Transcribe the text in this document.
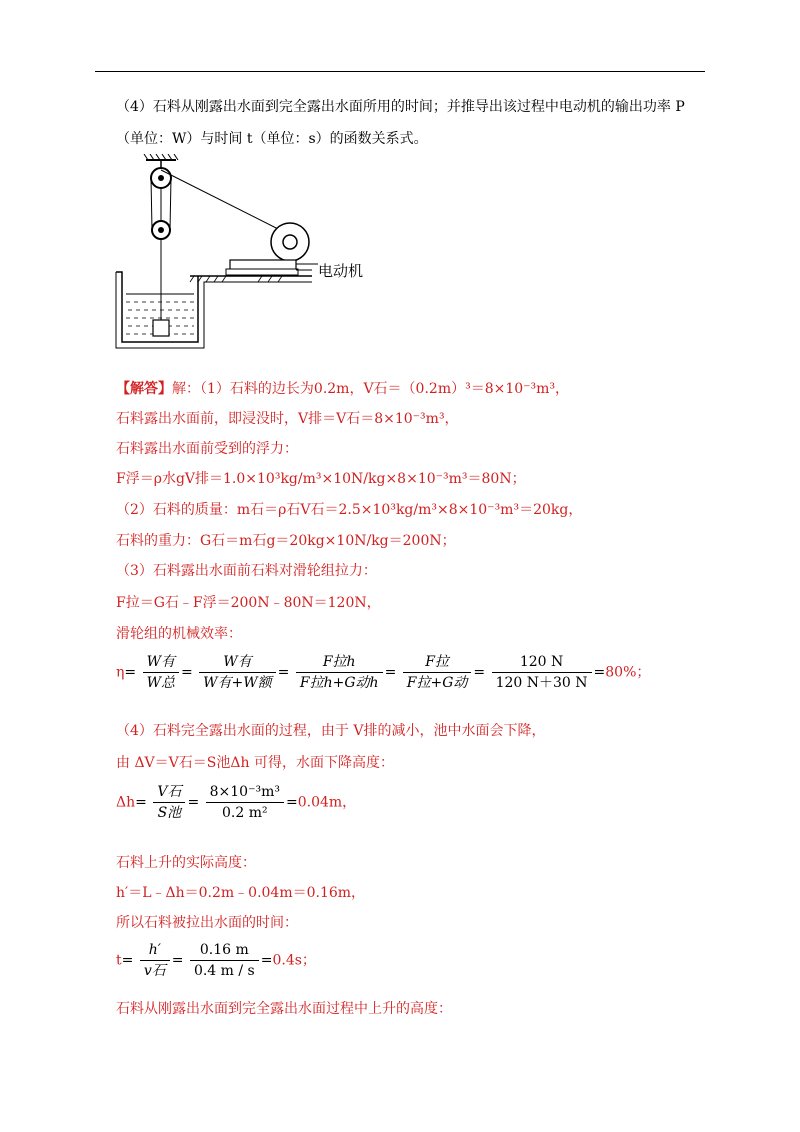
（4）石料从刚露出水面到完全露出水面所用的时间；并推导出该过程中电动机的输出功率 P
（单位：W）与时间 t（单位：s）的函数关系式。
电动机
【解答】解：（1）石料的边长为0.2m，V石＝（0.2m）³＝8×10⁻³m³，
石料露出水面前，即浸没时，V排＝V石＝8×10⁻³m³，
石料露出水面前受到的浮力：
F浮＝ρ水gV排＝1.0×10³kg/m³×10N/kg×8×10⁻³m³＝80N；
（2）石料的质量：m石＝ρ石V石＝2.5×10³kg/m³×8×10⁻³m³＝20kg，
石料的重力：G石＝m石g＝20kg×10N/kg＝200N；
（3）石料露出水面前石料对滑轮组拉力：
F拉＝G石﹣F浮＝200N﹣80N＝120N，
滑轮组的机械效率：
$\eta= \frac{\text{W有}}{\text{W总}} = \frac{\text{W有}}{\text{W有+W额}} = \frac{\text{F拉h}}{\text{F拉h+G动h}} = \frac{\text{F拉}}{\text{F拉+G动}} = \frac{120 N}{120 N+30 N} =80\%$；
（4）石料完全露出水面的过程，由于 V排的减小，池中水面会下降，
由 ΔV＝V石＝S池Δh 可得，水面下降高度：
$\Delta h= \frac{\text{V石}}{\text{S池}} = \frac{\text{8×10⁻³m³}}{\text{0.2 m²}} =0.04m$，
石料上升的实际高度：
h′＝L﹣Δh＝0.2m﹣0.04m＝0.16m，
所以石料被拉出水面的时间：
$t= \frac{h'}{\text{v石}} = \frac{0.16 m}{0.4 m / s} =0.4s$；
石料从刚露出水面到完全露出水面过程中上升的高度：
